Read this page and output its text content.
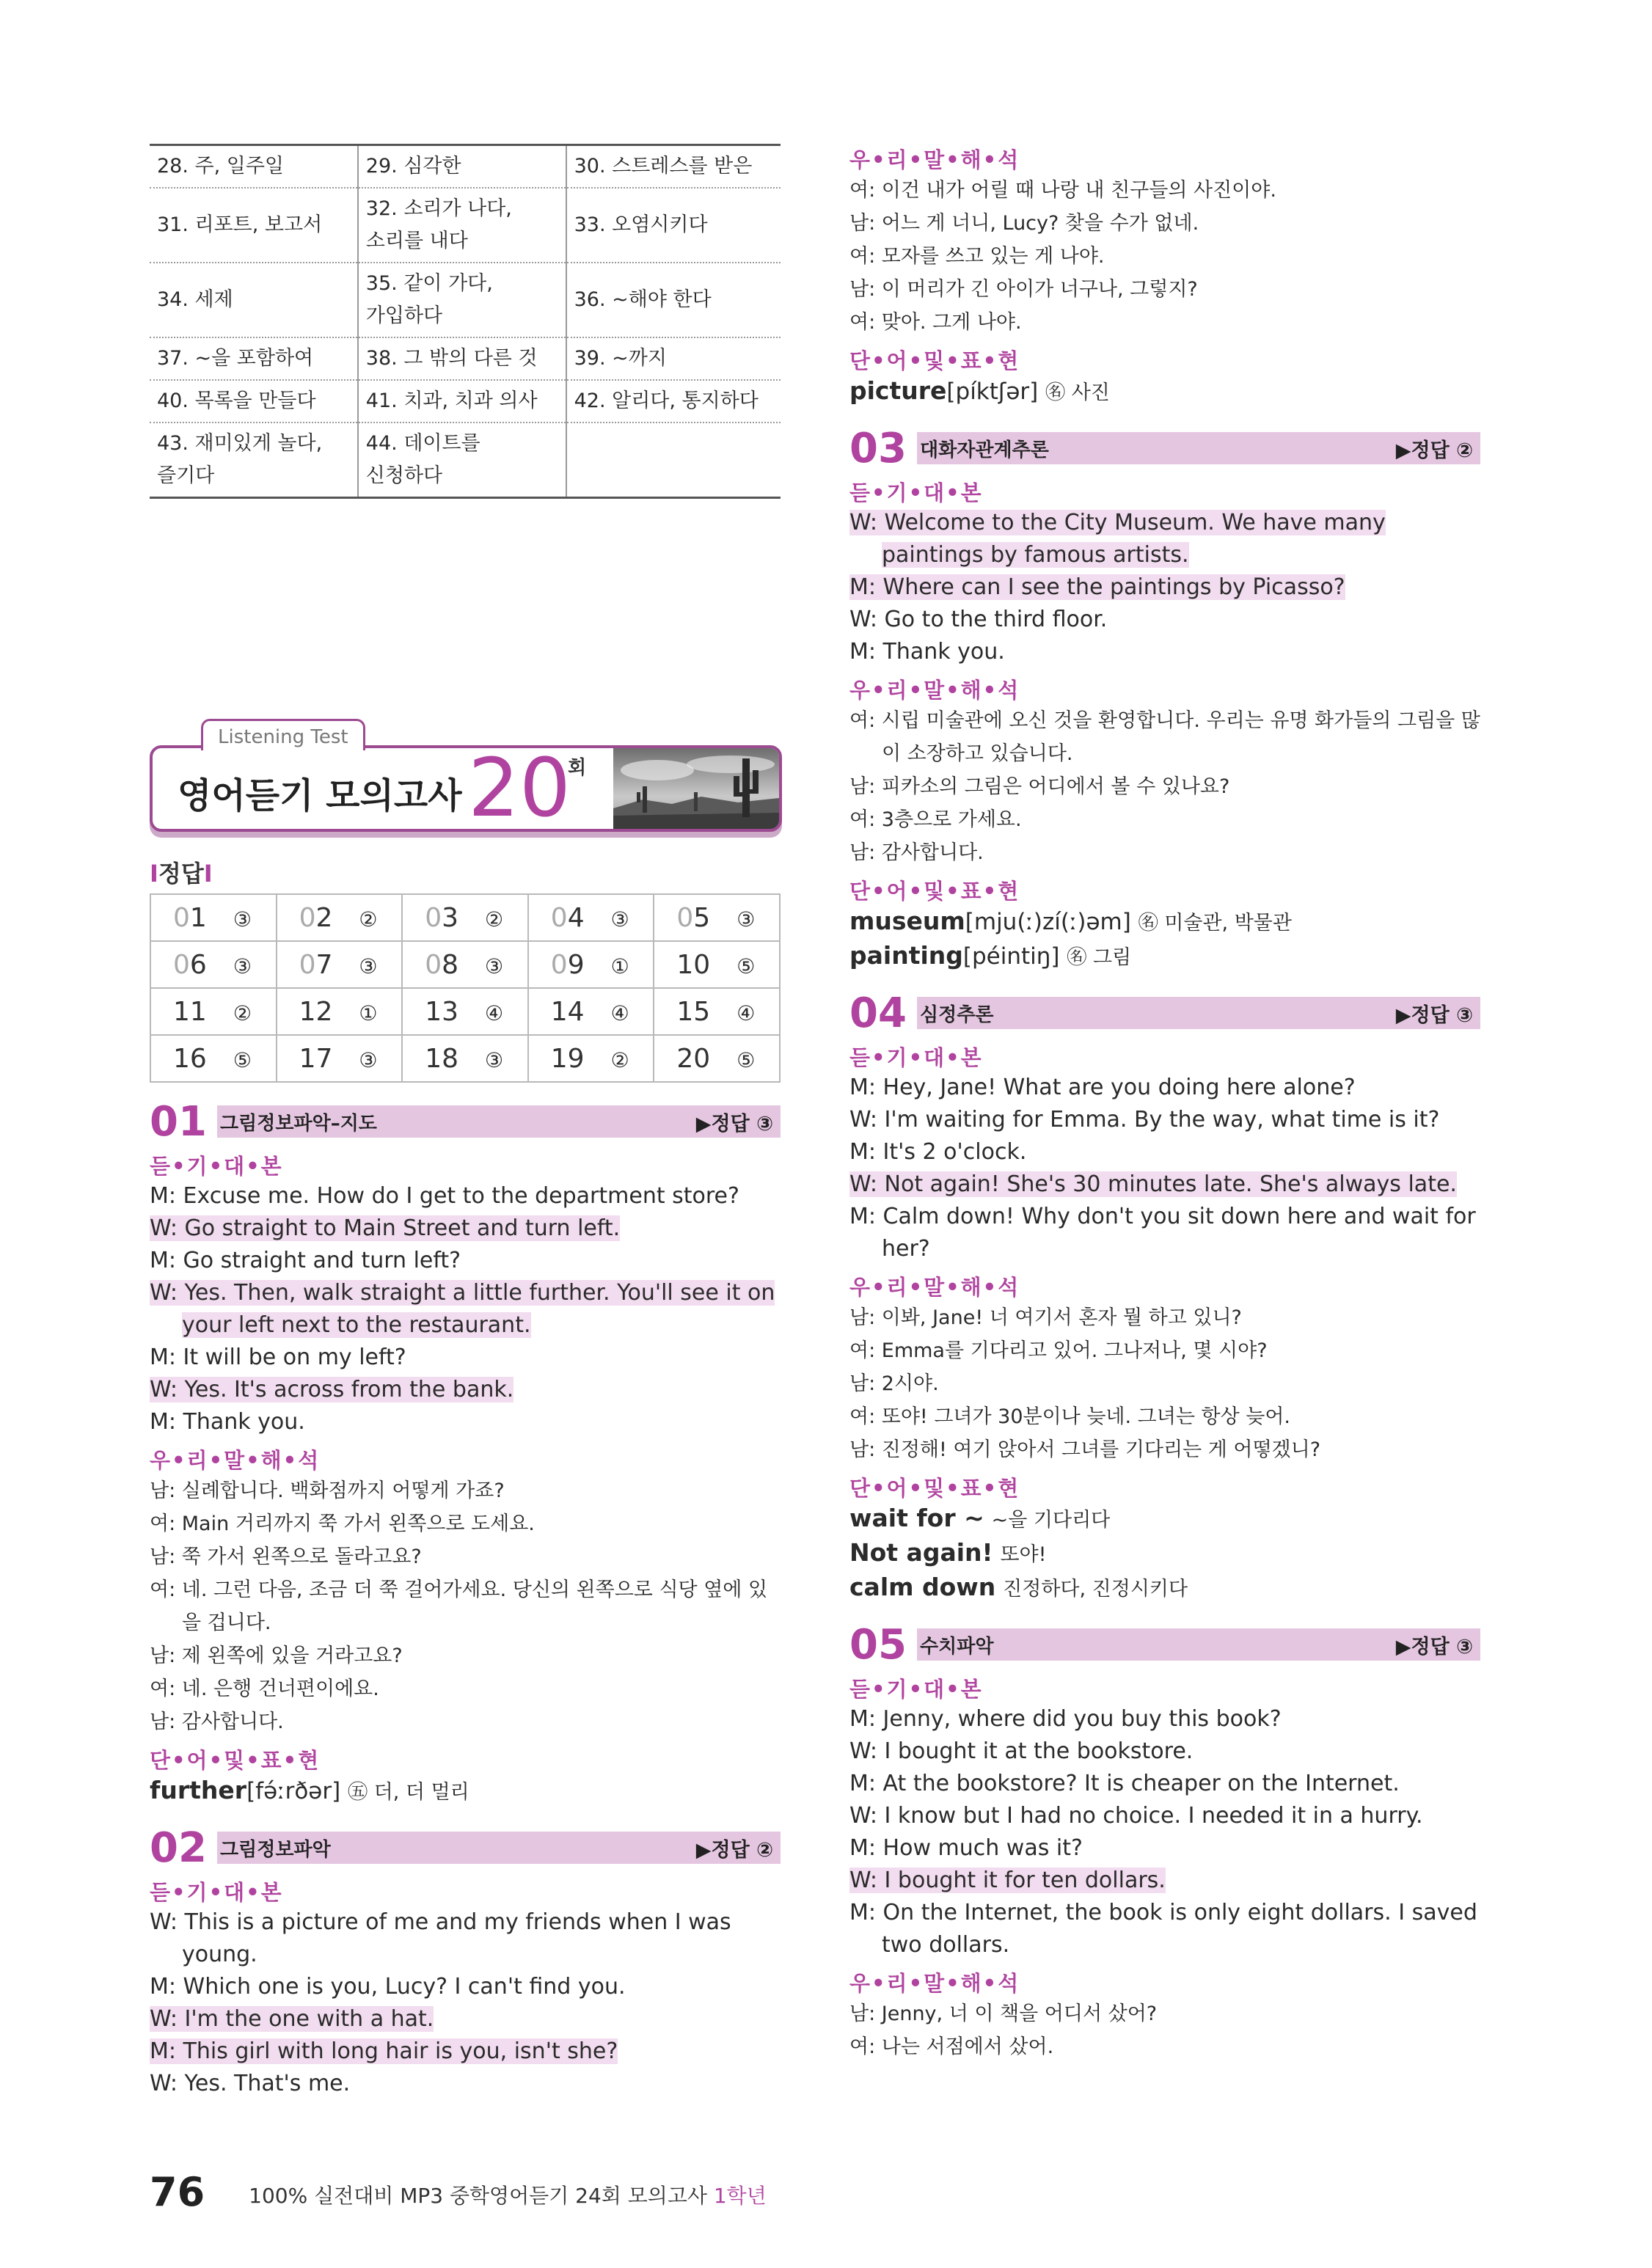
28. 주, 일주일	29. 심각한	30. 스트레스를 받은

31. 리포트, 보고서	32. 소리가 나다,
소리를 내다	33. 오염시키다

34. 세제	35. 같이 가다,
가입하다	36. ~해야 한다

37. ~을 포함하여	38. 그 밖의 다른 것	39. ~까지

40. 목록을 만들다	41. 치과, 치과 의사	42. 알리다, 통지하다

43. 재미있게 놀다,
즐기다	44. 데이트를
신청하다	

Listening Test
영어듣기 모의고사 20
회
I정답I
01 ③	02 ②	03 ②	04 ③	05 ③
06 ③	07 ③	08 ③	09 ①	10 ⑤
11 ②	12 ①	13 ④	14 ④	15 ④
16 ⑤	17 ③	18 ③	19 ②	20 ⑤
01 그림정보파악–지도	▶정답 ③
듣•기•대•본
M: Excuse me. How do I get to the department store?
W: Go straight to Main Street and turn left.
M: Go straight and turn left?
W: Yes. Then, walk straight a little further. You'll see it on your left next to the restaurant.
M: It will be on my left?
W: Yes. It's across from the bank.
M: Thank you.
우•리•말•해•석
남: 실례합니다. 백화점까지 어떻게 가죠?
여: Main 거리까지 쭉 가서 왼쪽으로 도세요.
남: 쭉 가서 왼쪽으로 돌라고요?
여: 네. 그런 다음, 조금 더 쭉 걸어가세요. 당신의 왼쪽으로 식당 옆에 있을 겁니다.
남: 제 왼쪽에 있을 거라고요?
여: 네. 은행 건너편이에요.
남: 감사합니다.
단•어•및•표•현
further[fə́ːrðər] ㊄ 더, 더 멀리
02 그림정보파악	▶정답 ②
듣•기•대•본
W: This is a picture of me and my friends when I was young.
M: Which one is you, Lucy? I can't find you.
W: I'm the one with a hat.
M: This girl with long hair is you, isn't she?
W: Yes. That's me.
우•리•말•해•석
여: 이건 내가 어릴 때 나랑 내 친구들의 사진이야.
남: 어느 게 너니, Lucy? 찾을 수가 없네.
여: 모자를 쓰고 있는 게 나야.
남: 이 머리가 긴 아이가 너구나, 그렇지?
여: 맞아. 그게 나야.
단•어•및•표•현
picture[píktʃər] ㊔ 사진
03 대화자관계추론	▶정답 ②
듣•기•대•본
W: Welcome to the City Museum. We have many paintings by famous artists.
M: Where can I see the paintings by Picasso?
W: Go to the third floor.
M: Thank you.
우•리•말•해•석
여: 시립 미술관에 오신 것을 환영합니다. 우리는 유명 화가들의 그림을 많이 소장하고 있습니다.
남: 피카소의 그림은 어디에서 볼 수 있나요?
여: 3층으로 가세요.
남: 감사합니다.
단•어•및•표•현
museum[mju(ː)zí(ː)əm] ㊔ 미술관, 박물관
painting[péintiŋ] ㊔ 그림
04 심정추론	▶정답 ③
듣•기•대•본
M: Hey, Jane! What are you doing here alone?
W: I'm waiting for Emma. By the way, what time is it?
M: It's 2 o'clock.
W: Not again! She's 30 minutes late. She's always late.
M: Calm down! Why don't you sit down here and wait for her?
우•리•말•해•석
남: 이봐, Jane! 너 여기서 혼자 뭘 하고 있니?
여: Emma를 기다리고 있어. 그나저나, 몇 시야?
남: 2시야.
여: 또야! 그녀가 30분이나 늦네. 그녀는 항상 늦어.
남: 진정해! 여기 앉아서 그녀를 기다리는 게 어떻겠니?
단•어•및•표•현
wait for ~ ~을 기다리다
Not again! 또야!
calm down 진정하다, 진정시키다
05 수치파악	▶정답 ③
듣•기•대•본
M: Jenny, where did you buy this book?
W: I bought it at the bookstore.
M: At the bookstore? It is cheaper on the Internet.
W: I know but I had no choice. I needed it in a hurry.
M: How much was it?
W: I bought it for ten dollars.
M: On the Internet, the book is only eight dollars. I saved two dollars.
우•리•말•해•석
남: Jenny, 너 이 책을 어디서 샀어?
여: 나는 서점에서 샀어.
76 100% 실전대비 MP3 중학영어듣기 24회 모의고사 1학년
